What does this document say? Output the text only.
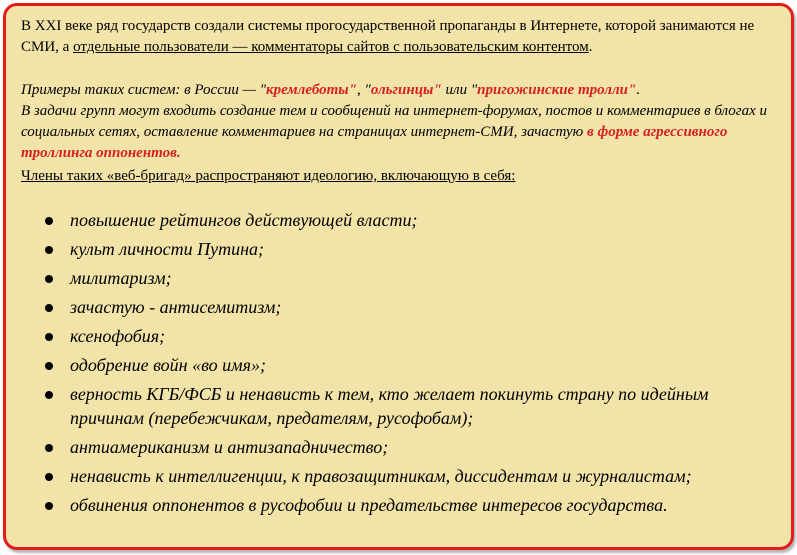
В XXI веке ряд государств создали системы прогосударственной пропаганды в Интернете, которой занимаются не СМИ, а отдельные пользователи — комментаторы сайтов с пользовательским контентом.
Примеры таких систем: в России — "кремлеботы", "ольгинцы" или "пригожинские тролли".
В задачи групп могут входить создание тем и сообщений на интернет-форумах, постов и комментариев в блогах и социальных сетях, оставление комментариев на страницах интернет-СМИ, зачастую в форме агрессивного троллинга оппонентов.
Члены таких «веб-бригад» распространяют идеологию, включающую в себя:
повышение рейтингов действующей власти;
культ личности Путина;
милитаризм;
зачастую - антисемитизм;
ксенофобия;
одобрение войн «во имя»;
верность КГБ/ФСБ и ненависть к тем, кто желает покинуть страну по идейным причинам (перебежчикам, предателям, русофобам);
антиамериканизм и антизападничество;
ненависть к интеллигенции, к правозащитникам, диссидентам и журналистам;
обвинения оппонентов в русофобии и предательстве интересов государства.
